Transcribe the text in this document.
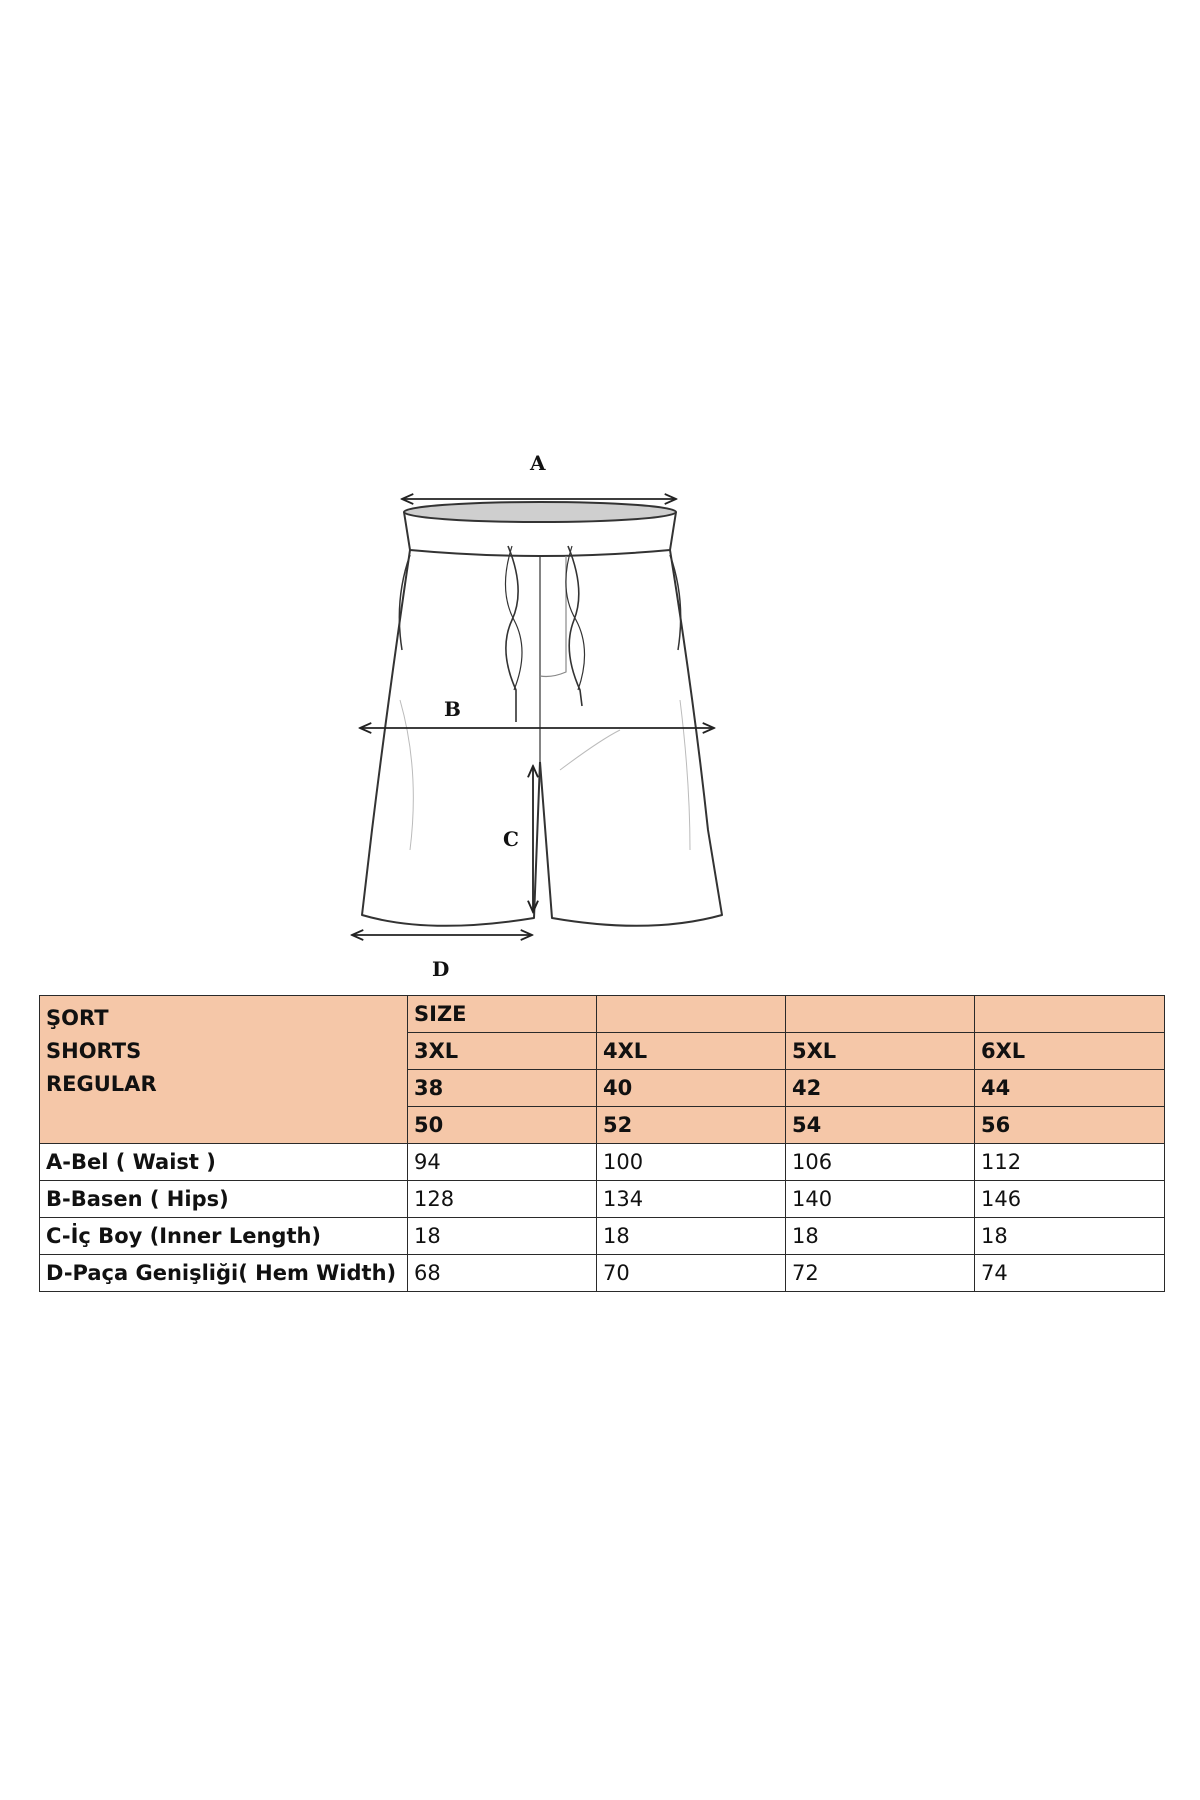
A
B
C
D
ŞORT
SHORTS
REGULAR	SIZE			
	3XL	4XL	5XL	6XL
	38	40	42	44
	50	52	54	56
A-Bel ( Waist )	94	100	106	112
B-Basen ( Hips)	128	134	140	146
C-İç Boy (Inner Length)	18	18	18	18
D-Paça Genişliği( Hem Width)	68	70	72	74
